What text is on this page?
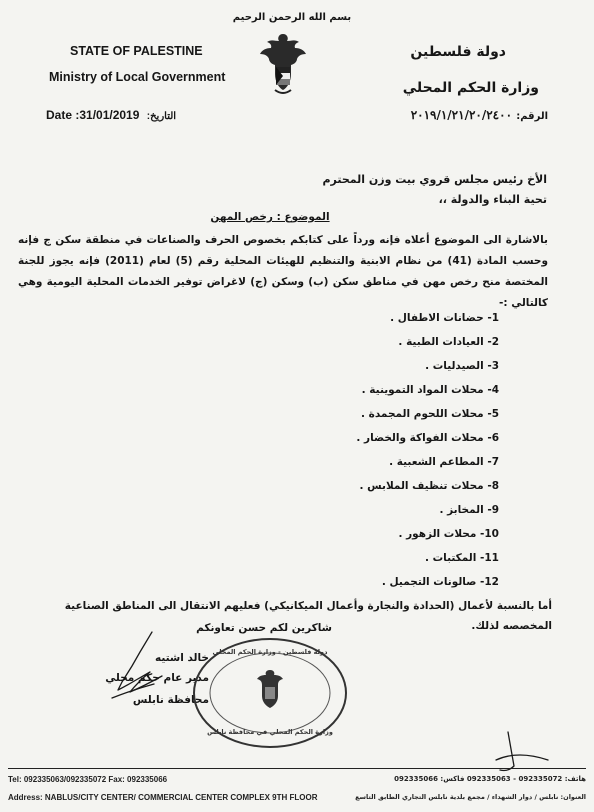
بسم الله الرحمن الرحيم
STATE OF PALESTINE
Ministry of Local Government
دولة فلسطين
وزارة الحكم المحلي
Date :31/01/2019 التاريخ:	الرقم: ٢٠١٩/١/٢١/٢٠/٢٤٠٠
الأخ رئيس مجلس قروي بيت وزن المحترم
تحية البناء والدولة ،،
الموضوع : رخص المهن
بالاشارة الى الموضوع أعلاه فإنه ورداً على كتابكم بخصوص الحرف والصناعات في منطقة سكن ج فإنه وحسب المادة (41) من نظام الابنية والتنظيم للهيئات المحلية رقم (5) لعام (2011) فإنه يجوز للجنة المختصة منح رخص مهن في مناطق سكن (ب) وسكن (ج) لاغراض توفير الخدمات المحلية اليومية وهي كالتالي :-
1- حضانات الاطفال .
2- العيادات الطبية .
3- الصيدليات .
4- محلات المواد التموينية .
5- محلات اللحوم المجمدة .
6- محلات الفواكة والخضار .
7- المطاعم الشعبية .
8- محلات تنظيف الملابس .
9- المخابز .
10- محلات الزهور .
11- المكتبات .
12- صالونات التجميل .
أما بالنسبة لأعمال (الحدادة والنجارة وأعمال الميكانيكي) فعليهم الانتقال الى المناطق الصناعية المخصصه لذلك.
شاكرين لكم حسن تعاونكم
خالد اشتيه
مدير عام حكم محلي
محافظة نابلس
دولة فلسطين - وزارة الحكم المحلي
وزارة الحكم المحلي في محافظة نابلس
Tel: 092335063/092335072 Fax: 092335066
Address: NABLUS/CITY CENTER/ COMMERCIAL CENTER COMPLEX 9TH FLOOR
هاتف: 092335072 - 092335063 فاكس: 092335066
العنوان: نابلس / دوار الشهداء / مجمع بلدية نابلس التجاري الطابق التاسع
